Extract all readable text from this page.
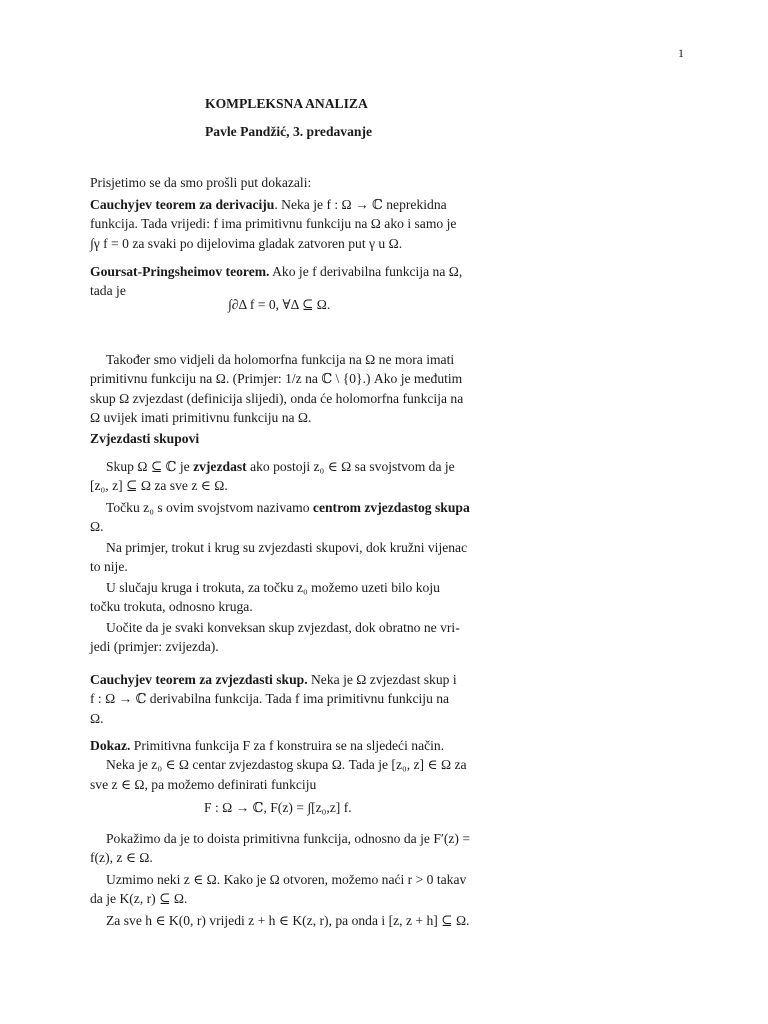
1
KOMPLEKSNA ANALIZA
Pavle Pandžić, 3. predavanje
Prisjetimo se da smo prošli put dokazali:

Cauchyjev teorem za derivaciju. Neka je f : Ω → ℂ neprekidna

funkcija. Tada vrijedi: f ima primitivnu funkciju na Ω ako i samo je

∫γ f = 0 za svaki po dijelovima gladak zatvoren put γ u Ω.

Goursat-Pringsheimov teorem. Ako je f derivabilna funkcija na Ω,

tada je

∫∂Δ f = 0, ∀Δ ⊆ Ω.

Također smo vidjeli da holomorfna funkcija na Ω ne mora imati

primitivnu funkciju na Ω. (Primjer: 1/z na ℂ \ {0}.) Ako je međutim

skup Ω zvjezdast (definicija slijedi), onda će holomorfna funkcija na

Ω uvijek imati primitivnu funkciju na Ω.

Zvjezdasti skupovi

Skup Ω ⊆ ℂ je zvjezdast ako postoji z₀ ∈ Ω sa svojstvom da je

[z₀, z] ⊆ Ω za sve z ∈ Ω.

Točku z₀ s ovim svojstvom nazivamo centrom zvjezdastog skupa

Ω.

Na primjer, trokut i krug su zvjezdasti skupovi, dok kružni vijenac

to nije.

U slučaju kruga i trokuta, za točku z₀ možemo uzeti bilo koju

točku trokuta, odnosno kruga.

Uočite da je svaki konveksan skup zvjezdast, dok obratno ne vri-

jedi (primjer: zvijezda).

Cauchyjev teorem za zvjezdasti skup. Neka je Ω zvjezdast skup i

f : Ω → ℂ derivabilna funkcija. Tada f ima primitivnu funkciju na

Ω.

Dokaz. Primitivna funkcija F za f konstruira se na sljedeći način.

Neka je z₀ ∈ Ω centar zvjezdastog skupa Ω. Tada je [z₀, z] ∈ Ω za

sve z ∈ Ω, pa možemo definirati funkciju

F : Ω → ℂ, F(z) = ∫[z₀,z] f.

Pokažimo da je to doista primitivna funkcija, odnosno da je F′(z) =

f(z), z ∈ Ω.

Uzmimo neki z ∈ Ω. Kako je Ω otvoren, možemo naći r > 0 takav

da je K(z, r) ⊆ Ω.

Za sve h ∈ K(0, r) vrijedi z + h ∈ K(z, r), pa onda i [z, z + h] ⊆ Ω.
